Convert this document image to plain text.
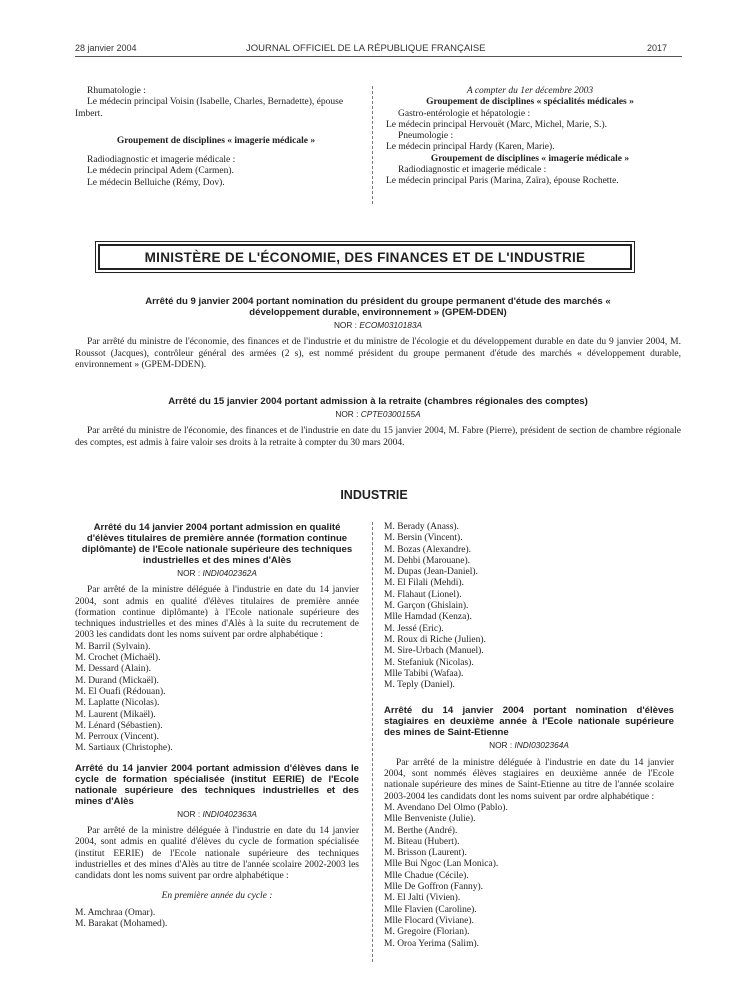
28 janvier 2004	JOURNAL OFFICIEL DE LA RÉPUBLIQUE FRANÇAISE	2017

Rhumatologie :

Le médecin principal Voisin (Isabelle, Charles, Bernadette), épouse Imbert.

Groupement de disciplines « imagerie médicale »

Radiodiagnostic et imagerie médicale :

Le médecin principal Adem (Carmen).

Le médecin Belluiche (Rémy, Dov).

A compter du 1er décembre 2003

Groupement de disciplines « spécialités médicales »

Gastro-entérologie et hépatologie :

Le médecin principal Hervouët (Marc, Michel, Marie, S.).

Pneumologie :

Le médecin principal Hardy (Karen, Marie).

Groupement de disciplines « imagerie médicale »

Radiodiagnostic et imagerie médicale :

Le médecin principal Paris (Marina, Zaïra), épouse Rochette.

MINISTÈRE DE L'ÉCONOMIE, DES FINANCES ET DE L'INDUSTRIE
Arrêté du 9 janvier 2004 portant nomination du président du groupe permanent d'étude des marchés « développement durable, environnement » (GPEM-DDEN)
NOR : ECOM0310183A

Par arrêté du ministre de l'économie, des finances et de l'industrie et du ministre de l'écologie et du développement durable en date du 9 janvier 2004, M. Roussot (Jacques), contrôleur général des armées (2 s), est nommé président du groupe permanent d'étude des marchés « développement durable, environnement » (GPEM-DDEN).

Arrêté du 15 janvier 2004 portant admission à la retraite (chambres régionales des comptes)
NOR : CPTE0300155A

Par arrêté du ministre de l'économie, des finances et de l'industrie en date du 15 janvier 2004, M. Fabre (Pierre), président de section de chambre régionale des comptes, est admis à faire valoir ses droits à la retraite à compter du 30 mars 2004.

INDUSTRIE
Arrêté du 14 janvier 2004 portant admission en qualité d'élèves titulaires de première année (formation continue diplômante) de l'Ecole nationale supérieure des techniques industrielles et des mines d'Alès
NOR : INDI0402362A

Par arrêté de la ministre déléguée à l'industrie en date du 14 janvier 2004, sont admis en qualité d'élèves titulaires de première année (formation continue diplômante) à l'Ecole nationale supérieure des techniques industrielles et des mines d'Alès à la suite du recrutement de 2003 les candidats dont les noms suivent par ordre alphabétique :

M. Barril (Sylvain).
M. Crochet (Michaël).
M. Dessard (Alain).
M. Durand (Mickaël).
M. El Ouafi (Rédouan).
M. Laplatte (Nicolas).
M. Laurent (Mikaël).
M. Lénard (Sébastien).
M. Perroux (Vincent).
M. Sartiaux (Christophe).
Arrêté du 14 janvier 2004 portant admission d'élèves dans le cycle de formation spécialisée (institut EERIE) de l'Ecole nationale supérieure des techniques industrielles et des mines d'Alès
NOR : INDI0402363A

Par arrêté de la ministre déléguée à l'industrie en date du 14 janvier 2004, sont admis en qualité d'élèves du cycle de formation spécialisée (institut EERIE) de l'Ecole nationale supérieure des techniques industrielles et des mines d'Alès au titre de l'année scolaire 2002-2003 les candidats dont les noms suivent par ordre alphabétique :

En première année du cycle :

M. Amchraa (Omar).
M. Barakat (Mohamed).
M. Berady (Anass).
M. Bersin (Vincent).
M. Bozas (Alexandre).
M. Dehbi (Marouane).
M. Dupas (Jean-Daniel).
M. El Filali (Mehdi).
M. Flahaut (Lionel).
M. Garçon (Ghislain).
Mlle Hamdad (Kenza).
M. Jessé (Eric).
M. Roux di Riche (Julien).
M. Sire-Urbach (Manuel).
M. Stefaniuk (Nicolas).
Mlle Tabibi (Wafaa).
M. Teply (Daniel).
Arrêté du 14 janvier 2004 portant nomination d'élèves stagiaires en deuxième année à l'Ecole nationale supérieure des mines de Saint-Etienne
NOR : INDI0302364A

Par arrêté de la ministre déléguée à l'industrie en date du 14 janvier 2004, sont nommés élèves stagiaires en deuxième année de l'Ecole nationale supérieure des mines de Saint-Etienne au titre de l'année scolaire 2003-2004 les candidats dont les noms suivent par ordre alphabétique :

M. Avendano Del Olmo (Pablo).
Mlle Benveniste (Julie).
M. Berthe (André).
M. Biteau (Hubert).
M. Brisson (Laurent).
Mlle Bui Ngoc (Lan Monica).
Mlle Chadue (Cécile).
Mlle De Goffron (Fanny).
M. El Jalti (Vivien).
Mlle Flavien (Caroline).
Mlle Flocard (Viviane).
M. Gregoire (Florian).
M. Oroa Yerima (Salim).
